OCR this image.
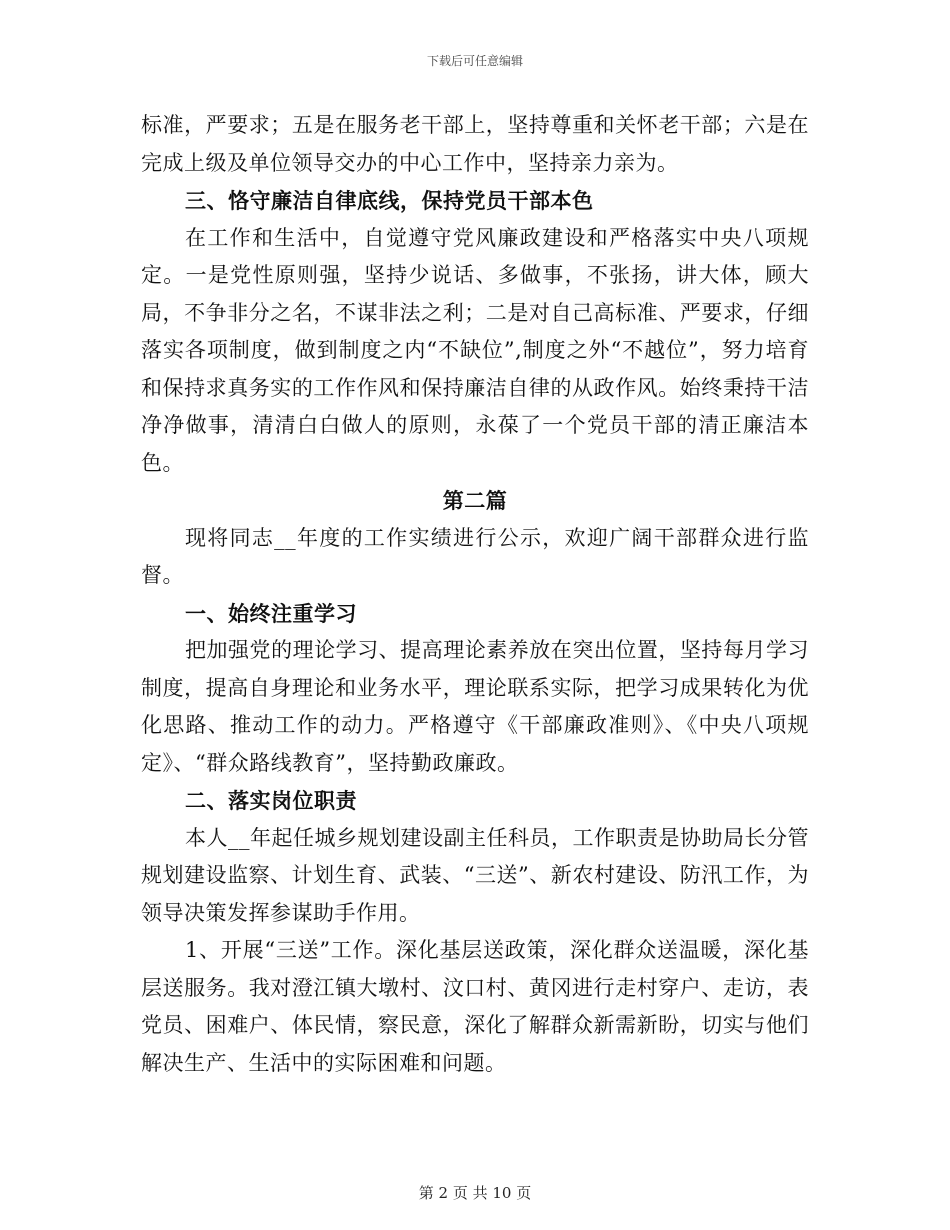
下载后可任意编辑

标准，严要求；五是在服务老干部上，坚持尊重和关怀老干部；六是在完成上级及单位领导交办的中心工作中，坚持亲力亲为。

三、恪守廉洁自律底线，保持党员干部本色

在工作和生活中，自觉遵守党风廉政建设和严格落实中央八项规定。一是党性原则强，坚持少说话、多做事，不张扬，讲大体，顾大局，不争非分之名，不谋非法之利；二是对自己高标准、严要求，仔细落实各项制度，做到制度之内“不缺位”,制度之外“不越位”，努力培育和保持求真务实的工作作风和保持廉洁自律的从政作风。始终秉持干洁净净做事，清清白白做人的原则，永葆了一个党员干部的清正廉洁本色。

第二篇

现将同志__年度的工作实绩进行公示，欢迎广阔干部群众进行监督。

一、始终注重学习

把加强党的理论学习、提高理论素养放在突出位置，坚持每月学习制度，提高自身理论和业务水平，理论联系实际，把学习成果转化为优化思路、推动工作的动力。严格遵守《干部廉政准则》、《中央八项规定》、“群众路线教育”，坚持勤政廉政。

二、落实岗位职责

本人__年起任城乡规划建设副主任科员，工作职责是协助局长分管规划建设监察、计划生育、武装、“三送”、新农村建设、防汛工作，为领导决策发挥参谋助手作用。

1、开展“三送”工作。深化基层送政策，深化群众送温暖，深化基层送服务。我对澄江镇大墩村、汶口村、黄冈进行走村穿户、走访，表党员、困难户、体民情，察民意，深化了解群众新需新盼，切实与他们解决生产、生活中的实际困难和问题。

第 2 页 共 10 页
